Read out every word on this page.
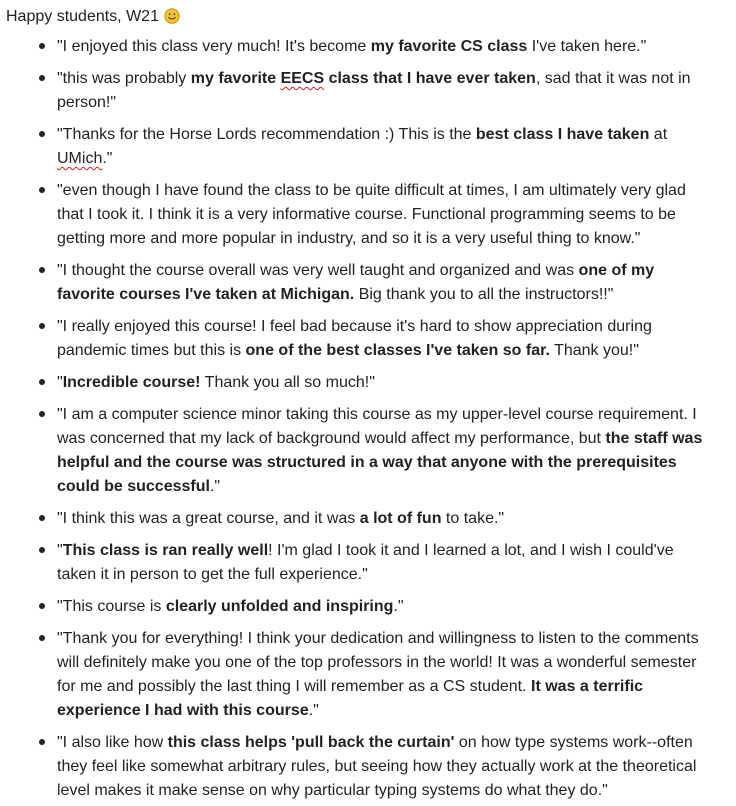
Happy students, W21
"I enjoyed this class very much! It's become my favorite CS class I've taken here."
"this was probably my favorite EECS class that I have ever taken, sad that it was not in person!"
"Thanks for the Horse Lords recommendation :) This is the best class I have taken at UMich."
"even though I have found the class to be quite difficult at times, I am ultimately very glad that I took it. I think it is a very informative course. Functional programming seems to be getting more and more popular in industry, and so it is a very useful thing to know."
"I thought the course overall was very well taught and organized and was one of my favorite courses I've taken at Michigan. Big thank you to all the instructors!!"
"I really enjoyed this course! I feel bad because it's hard to show appreciation during pandemic times but this is one of the best classes I've taken so far. Thank you!"
"Incredible course! Thank you all so much!"
"I am a computer science minor taking this course as my upper-level course requirement. I was concerned that my lack of background would affect my performance, but the staff was helpful and the course was structured in a way that anyone with the prerequisites could be successful."
"I think this was a great course, and it was a lot of fun to take."
"This class is ran really well! I'm glad I took it and I learned a lot, and I wish I could've taken it in person to get the full experience."
"This course is clearly unfolded and inspiring."
"Thank you for everything! I think your dedication and willingness to listen to the comments will definitely make you one of the top professors in the world! It was a wonderful semester for me and possibly the last thing I will remember as a CS student. It was a terrific experience I had with this course."
"I also like how this class helps 'pull back the curtain' on how type systems work--often they feel like somewhat arbitrary rules, but seeing how they actually work at the theoretical level makes it make sense on why particular typing systems do what they do."
